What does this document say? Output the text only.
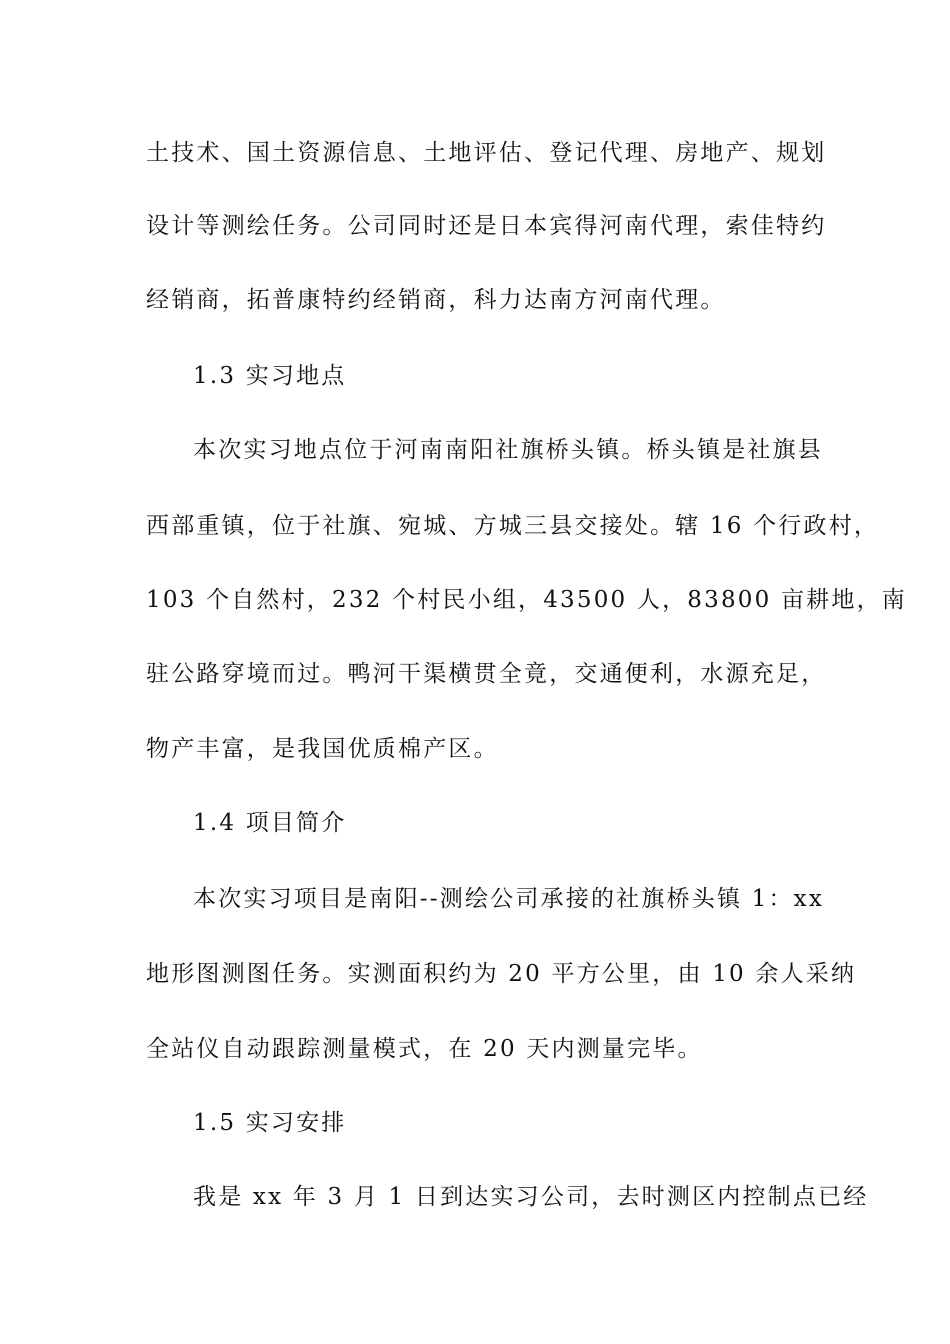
土技术、国土资源信息、土地评估、登记代理、房地产、规划
设计等测绘任务。公司同时还是日本宾得河南代理，索佳特约
经销商，拓普康特约经销商，科力达南方河南代理。
1.3 实习地点
本次实习地点位于河南南阳社旗桥头镇。桥头镇是社旗县
西部重镇，位于社旗、宛城、方城三县交接处。辖 16 个行政村，
103 个自然村，232 个村民小组，43500 人，83800 亩耕地，南
驻公路穿境而过。鸭河干渠横贯全竟，交通便利，水源充足，
物产丰富，是我国优质棉产区。
1.4 项目简介
本次实习项目是南阳--测绘公司承接的社旗桥头镇 1：xx
地形图测图任务。实测面积约为 20 平方公里，由 10 余人采纳
全站仪自动跟踪测量模式，在 20 天内测量完毕。
1.5 实习安排
我是 xx 年 3 月 1 日到达实习公司，去时测区内控制点已经
